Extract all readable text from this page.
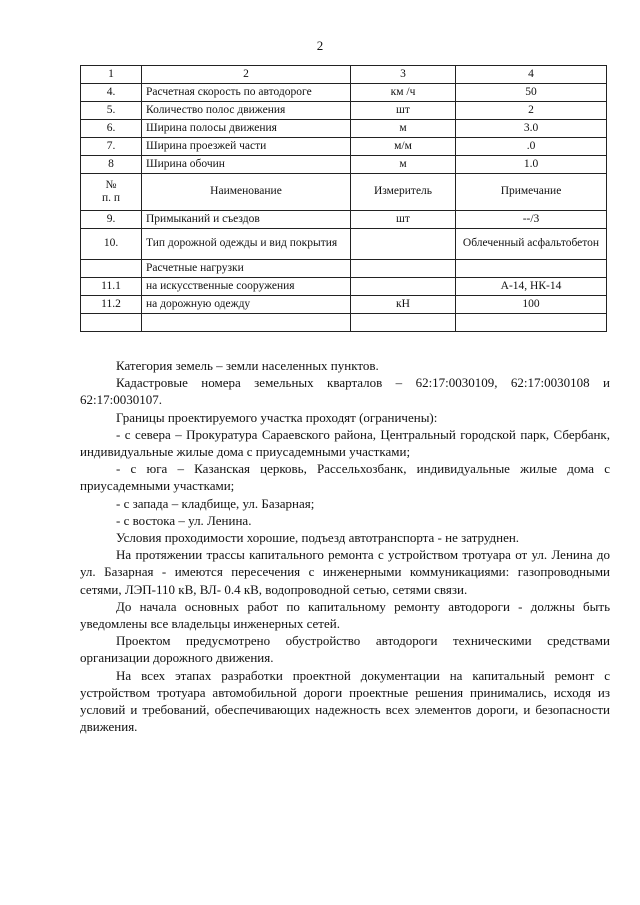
2
1	2	3	4
4.	Расчетная скорость по автодороге	км /ч	50
5.	Количество полос движения	шт	2
6.	Ширина полосы движения	м	3.0
7.	Ширина проезжей части	м/м	.0
8	Ширина обочин	м	1.0
№
п. п	Наименование	Измеритель	Примечание
9.	Примыканий и съездов	шт	--/3
10.	Тип дорожной одежды и вид покрытия		Облеченный асфальтобетон
	Расчетные нагрузки		
11.1	на искусственные сооружения		А-14, НК-14
11.2	на дорожную одежду	кН	100

Категория земель – земли населенных пунктов.

Кадастровые номера земельных кварталов – 62:17:0030109, 62:17:0030108 и 62:17:0030107.

Границы проектируемого участка проходят (ограничены):

- с севера – Прокуратура Сараевского района, Центральный городской парк, Сбербанк, индивидуальные жилые дома с приусадемными участками;

- с юга – Казанская церковь, Рассельхозбанк, индивидуальные жилые дома с приусадемными участками;

- с запада – кладбище, ул. Базарная;

- с востока – ул. Ленина.

Условия проходимости хорошие, подъезд автотранспорта - не затруднен.

На протяжении трассы капитального ремонта с устройством тротуара от ул. Ленина до ул. Базарная - имеются пересечения с инженерными коммуникациями: газопроводными сетями, ЛЭП-110 кВ, ВЛ- 0.4 кВ, водопроводной сетью, сетями связи.

До начала основных работ по капитальному ремонту автодороги - должны быть уведомлены все владельцы инженерных сетей.

Проектом предусмотрено обустройство автодороги техническими средствами организации дорожного движения.

На всех этапах разработки проектной документации на капитальный ремонт с устройством тротуара автомобильной дороги проектные решения принимались, исходя из условий и требований, обеспечивающих надежность всех элементов дороги, и безопасности движения.
